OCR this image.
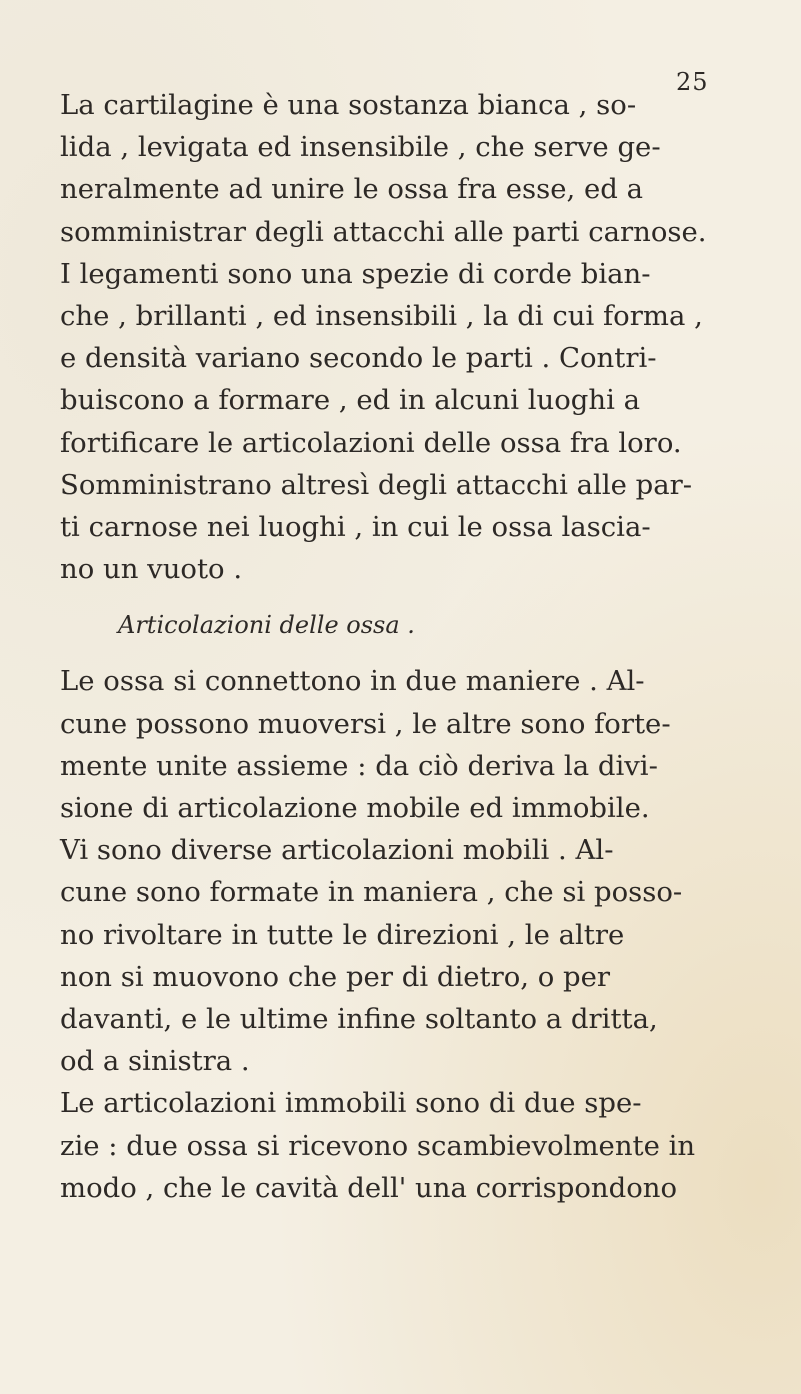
25
La cartilagine è una sostanza bianca , so-
lida , levigata ed insensibile , che serve ge-
neralmente ad unire le ossa fra esse, ed a
somministrar degli attacchi alle parti carnose.
I legamenti sono una spezie di corde bian-
che , brillanti , ed insensibili , la di cui forma ,
e densità variano secondo le parti . Contri-
buiscono a formare , ed in alcuni luoghi a
fortificare le articolazioni delle ossa fra loro.
Somministrano altresì degli attacchi alle par-
ti carnose nei luoghi , in cui le ossa lascia-
no un vuoto .
Articolazioni delle ossa .
Le ossa si connettono in due maniere . Al-
cune possono muoversi , le altre sono forte-
mente unite assieme : da ciò deriva la divi-
sione di articolazione mobile ed immobile.
Vi sono diverse articolazioni mobili . Al-
cune sono formate in maniera , che si posso-
no rivoltare in tutte le direzioni , le altre
non si muovono che per di dietro, o per
davanti, e le ultime infine soltanto a dritta,
od a sinistra .
Le articolazioni immobili sono di due spe-
zie : due ossa si ricevono scambievolmente in
modo , che le cavità dell' una corrispondono
